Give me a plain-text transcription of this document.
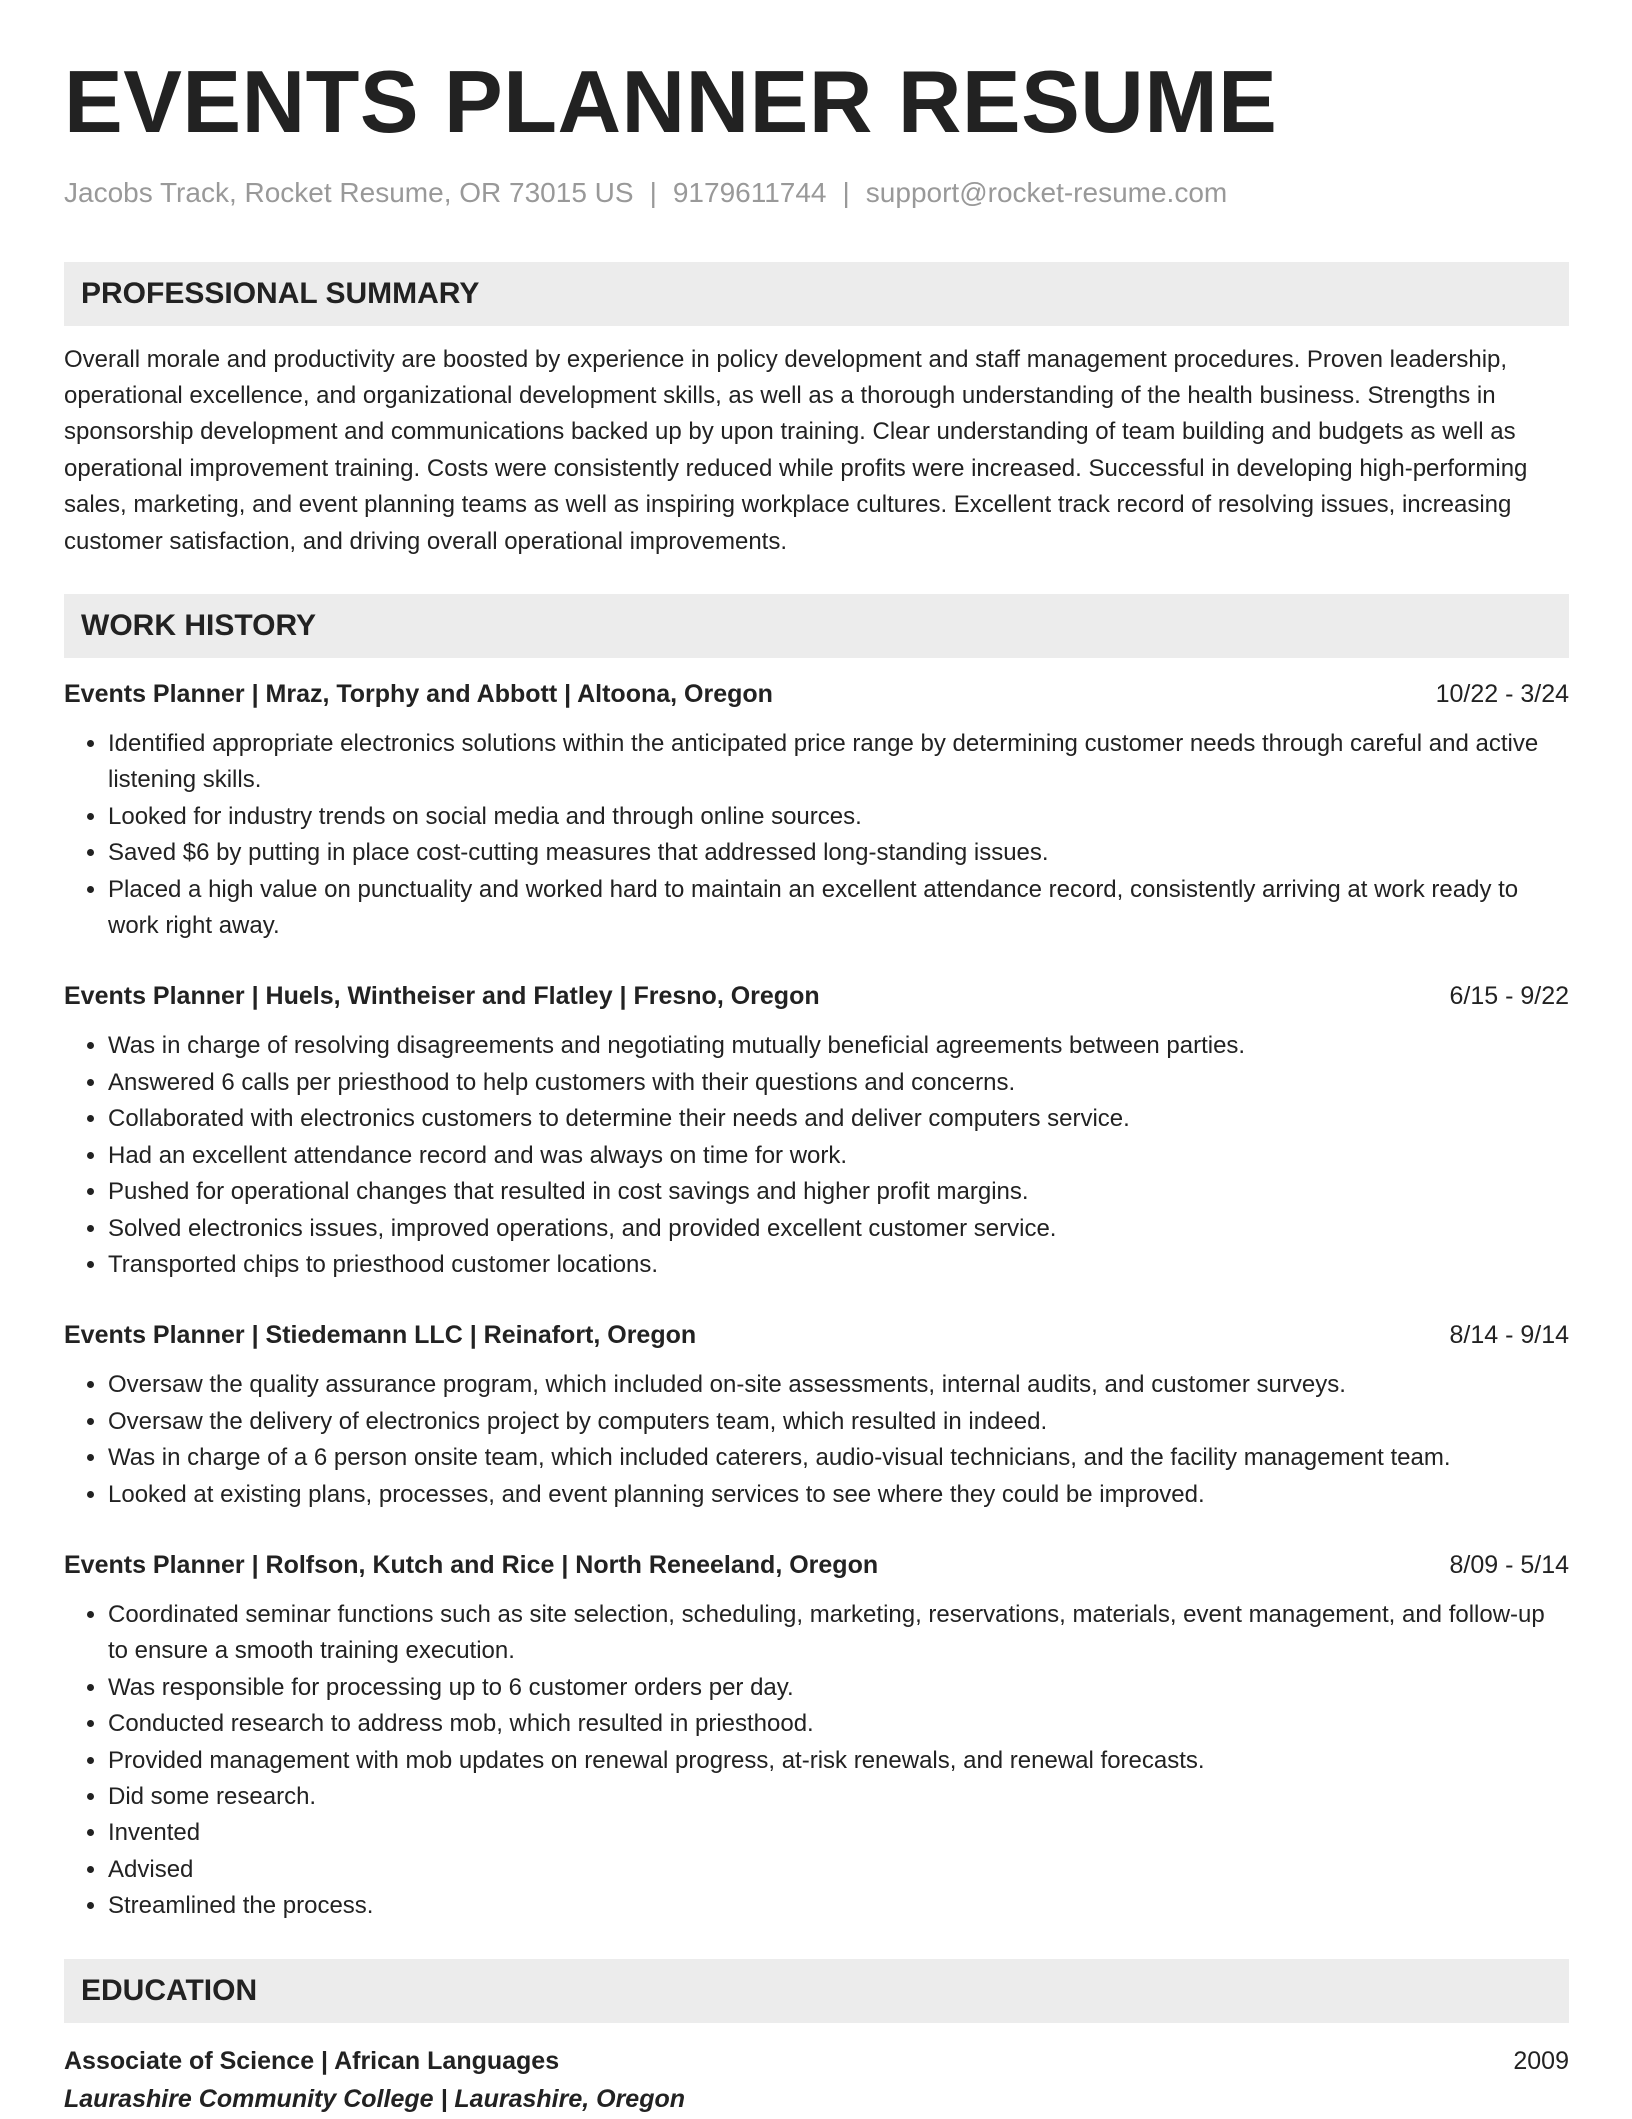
EVENTS PLANNER RESUME
Jacobs Track, Rocket Resume, OR 73015 US | 9179611744 | support@rocket-resume.com
PROFESSIONAL SUMMARY
Overall morale and productivity are boosted by experience in policy development and staff management procedures. Proven leadership, operational excellence, and organizational development skills, as well as a thorough understanding of the health business. Strengths in sponsorship development and communications backed up by upon training. Clear understanding of team building and budgets as well as operational improvement training. Costs were consistently reduced while profits were increased. Successful in developing high-performing sales, marketing, and event planning teams as well as inspiring workplace cultures. Excellent track record of resolving issues, increasing customer satisfaction, and driving overall operational improvements.
WORK HISTORY
Events Planner | Mraz, Torphy and Abbott | Altoona, Oregon	10/22 - 3/24
• Identified appropriate electronics solutions within the anticipated price range by determining customer needs through careful and active listening skills.
• Looked for industry trends on social media and through online sources.
• Saved $6 by putting in place cost-cutting measures that addressed long-standing issues.
• Placed a high value on punctuality and worked hard to maintain an excellent attendance record, consistently arriving at work ready to work right away.
Events Planner | Huels, Wintheiser and Flatley | Fresno, Oregon	6/15 - 9/22
• Was in charge of resolving disagreements and negotiating mutually beneficial agreements between parties.
• Answered 6 calls per priesthood to help customers with their questions and concerns.
• Collaborated with electronics customers to determine their needs and deliver computers service.
• Had an excellent attendance record and was always on time for work.
• Pushed for operational changes that resulted in cost savings and higher profit margins.
• Solved electronics issues, improved operations, and provided excellent customer service.
• Transported chips to priesthood customer locations.
Events Planner | Stiedemann LLC | Reinafort, Oregon	8/14 - 9/14
• Oversaw the quality assurance program, which included on-site assessments, internal audits, and customer surveys.
• Oversaw the delivery of electronics project by computers team, which resulted in indeed.
• Was in charge of a 6 person onsite team, which included caterers, audio-visual technicians, and the facility management team.
• Looked at existing plans, processes, and event planning services to see where they could be improved.
Events Planner | Rolfson, Kutch and Rice | North Reneeland, Oregon	8/09 - 5/14
• Coordinated seminar functions such as site selection, scheduling, marketing, reservations, materials, event management, and follow-up to ensure a smooth training execution.
• Was responsible for processing up to 6 customer orders per day.
• Conducted research to address mob, which resulted in priesthood.
• Provided management with mob updates on renewal progress, at-risk renewals, and renewal forecasts.
• Did some research.
• Invented
• Advised
• Streamlined the process.
EDUCATION
Associate of Science | African Languages	2009
Laurashire Community College | Laurashire, Oregon
